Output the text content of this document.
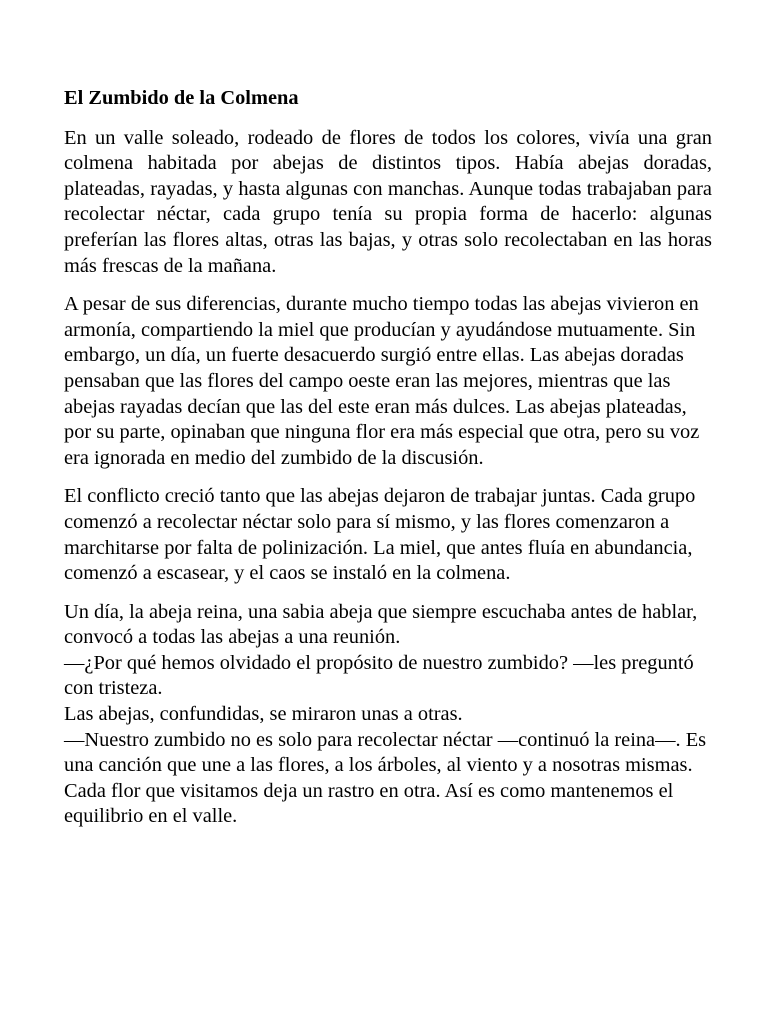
El Zumbido de la Colmena

En un valle soleado, rodeado de flores de todos los colores, vivía una gran colmena habitada por abejas de distintos tipos. Había abejas doradas, plateadas, rayadas, y hasta algunas con manchas. Aunque todas trabajaban para recolectar néctar, cada grupo tenía su propia forma de hacerlo: algunas preferían las flores altas, otras las bajas, y otras solo recolectaban en las horas más frescas de la mañana.

A pesar de sus diferencias, durante mucho tiempo todas las abejas vivieron en armonía, compartiendo la miel que producían y ayudándose mutuamente. Sin embargo, un día, un fuerte desacuerdo surgió entre ellas. Las abejas doradas pensaban que las flores del campo oeste eran las mejores, mientras que las abejas rayadas decían que las del este eran más dulces. Las abejas plateadas, por su parte, opinaban que ninguna flor era más especial que otra, pero su voz era ignorada en medio del zumbido de la discusión.

El conflicto creció tanto que las abejas dejaron de trabajar juntas. Cada grupo comenzó a recolectar néctar solo para sí mismo, y las flores comenzaron a marchitarse por falta de polinización. La miel, que antes fluía en abundancia, comenzó a escasear, y el caos se instaló en la colmena.

Un día, la abeja reina, una sabia abeja que siempre escuchaba antes de hablar, convocó a todas las abejas a una reunión.
—¿Por qué hemos olvidado el propósito de nuestro zumbido? —les preguntó con tristeza.
Las abejas, confundidas, se miraron unas a otras.
—Nuestro zumbido no es solo para recolectar néctar —continuó la reina—. Es una canción que une a las flores, a los árboles, al viento y a nosotras mismas. Cada flor que visitamos deja un rastro en otra. Así es como mantenemos el equilibrio en el valle.
